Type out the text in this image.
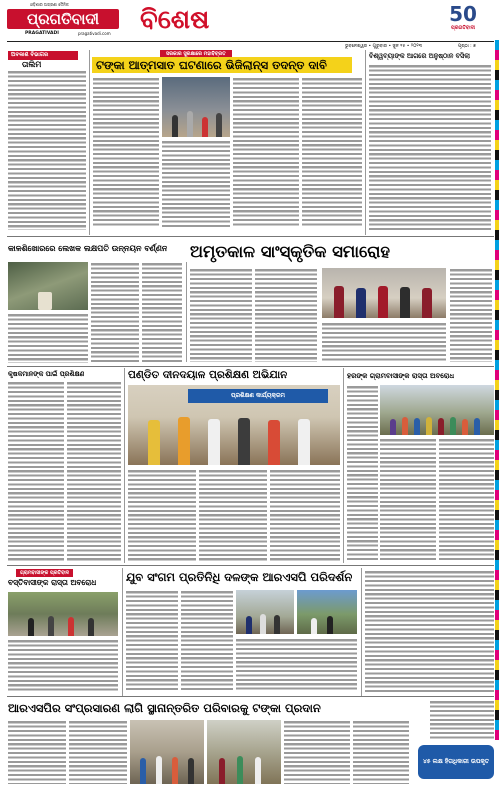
ଓଡ଼ିଶାର ଅଗ୍ରଣୀ ଦୈନିକ
ପ୍ରଗତିବାଦୀ
PRAGATIVADI	pragativadi.com ବିଶେଷ	50
ପ୍ରଗତିବାଦୀ
ଭୁବନେଶ୍ୱର • ଗୁରୁବାର • ଜୁନ ୧୫ • ୨୦୨୩	ପୃଷ୍ଠା : ୭
ଅବକାଶ ବିଭାଗର
ତାଲିମ
ସରକାର ସୁରକ୍ଷାରେ ମହାବିବ୍ରତ
ଟଙ୍କା ଆତ୍ମସାତ ଘଟଣାରେ ଭିଜିଲାନ୍ସ ତଦନ୍ତ ଦାବି
ବିଶ୍ୱବ୍ୟାଙ୍କ ଆଗରେ ଅନୁଷ୍ଠାନ ବସିଲା
କାଳଶିଖୋରରେ ଲେଖକ ଲକ୍ଷପତି ଉନ୍ନୟନ ବର୍ଣ୍ଣନ ଅମୃତକାଳ ସାଂସ୍କୃତିକ ସମାରୋହ
କୃଷକମାନଙ୍କ ପାଇଁ ପ୍ରଶିକ୍ଷଣ	ପଣ୍ଡିତ ଦୀନଦୟାଳ ପ୍ରଶିକ୍ଷଣ ଅଭିଯାନ
ପ୍ରଶିକ୍ଷଣ କାର୍ଯ୍ୟକ୍ରମ
ହରଙ୍କ ଗ୍ରାମବାସୀଙ୍କ ରାସ୍ତା ଅବରୋଧ
ଗ୍ରାମବାସୀଙ୍କ ପ୍ରତିବାଦ
ବସ୍ତିବାସୀଙ୍କ ରାସ୍ତା ଅବରୋଧ	ଯୁବ ସଂଗମ ପ୍ରତିନିଧି ଦଳଙ୍କ ଆରଏସପି ପରିଦର୍ଶନ
ଆରଏସପିର ସଂପ୍ରସାରଣ ଲାଗି ସ୍ଥାନାନ୍ତରିତ ପରିବାରକୁ ଟଙ୍କା ପ୍ରଦାନ
୪୫ ଲକ୍ଷ ହିତାଧିକାରୀ ଉପକୃତ
